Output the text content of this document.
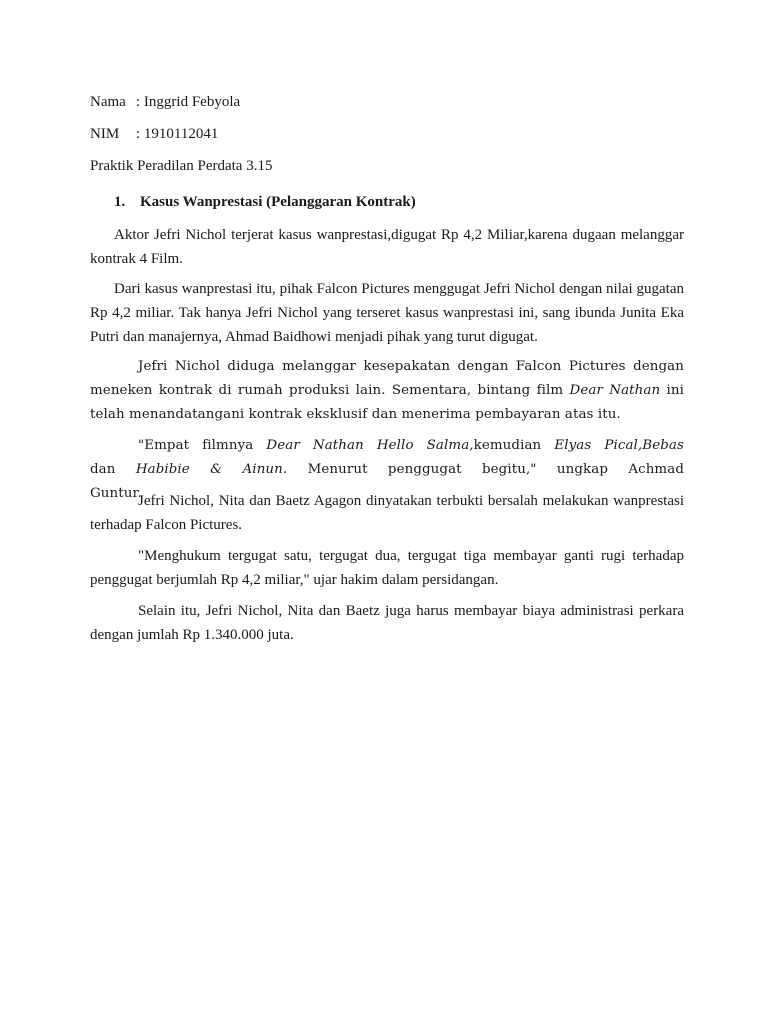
Nama : Inggrid Febyola
NIM : 1910112041
Praktik Peradilan Perdata 3.15
1. Kasus Wanprestasi (Pelanggaran Kontrak)

Aktor Jefri Nichol terjerat kasus wanprestasi,digugat Rp 4,2 Miliar,karena dugaan melanggar kontrak 4 Film.

Dari kasus wanprestasi itu, pihak Falcon Pictures menggugat Jefri Nichol dengan nilai gugatan Rp 4,2 miliar. Tak hanya Jefri Nichol yang terseret kasus wanprestasi ini, sang ibunda Junita Eka Putri dan manajernya, Ahmad Baidhowi menjadi pihak yang turut digugat.

Jefri Nichol diduga melanggar kesepakatan dengan Falcon Pictures dengan meneken kontrak di rumah produksi lain. Sementara, bintang film Dear Nathan ini telah menandatangani kontrak eksklusif dan menerima pembayaran atas itu.

"Empat filmnya Dear Nathan Hello Salma,kemudian Elyas Pical,Bebas dan Habibie & Ainun. Menurut penggugat begitu," ungkap Achmad Guntur.

Jefri Nichol, Nita dan Baetz Agagon dinyatakan terbukti bersalah melakukan wanprestasi terhadap Falcon Pictures.

"Menghukum tergugat satu, tergugat dua, tergugat tiga membayar ganti rugi terhadap penggugat berjumlah Rp 4,2 miliar," ujar hakim dalam persidangan.

Selain itu, Jefri Nichol, Nita dan Baetz juga harus membayar biaya administrasi perkara dengan jumlah Rp 1.340.000 juta.
